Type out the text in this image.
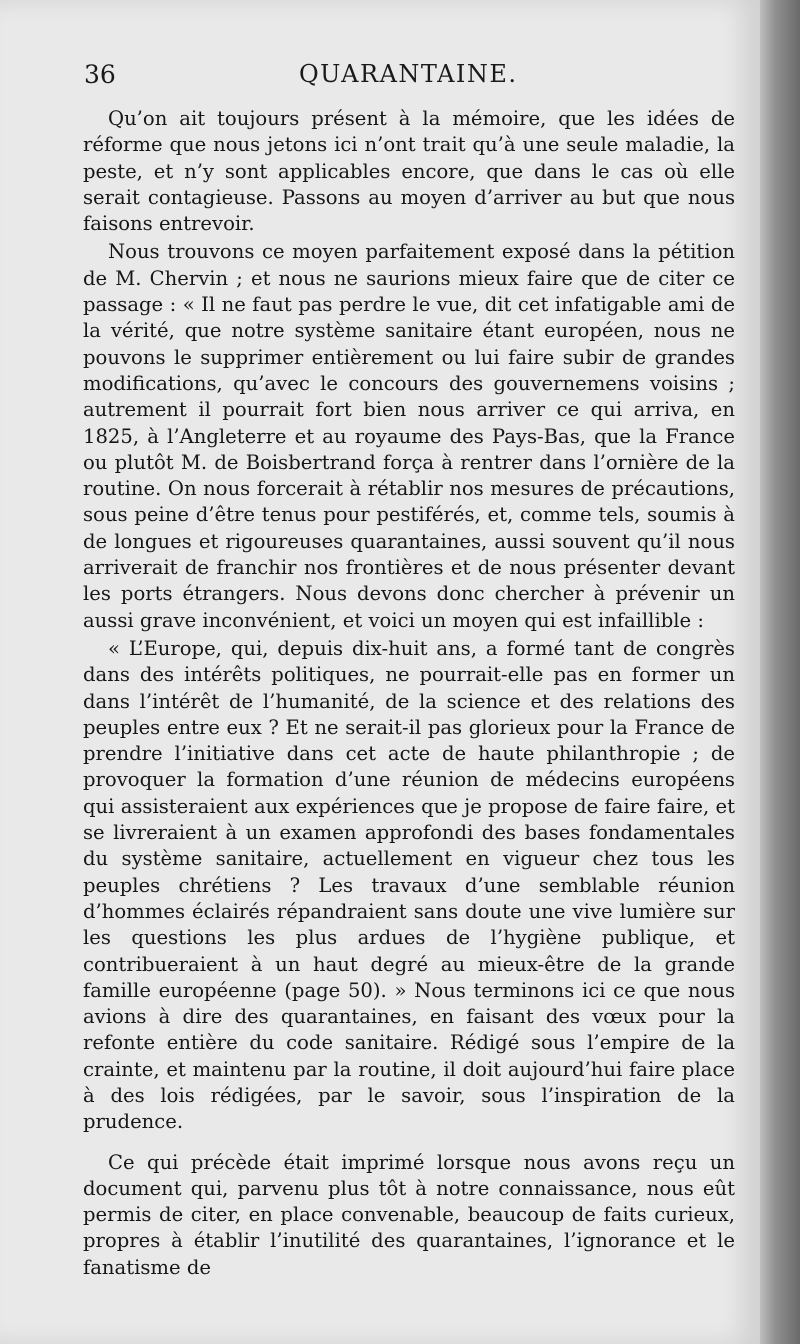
36	QUARANTAINE.

Qu’on ait toujours présent à la mémoire, que les idées de réforme que nous jetons ici n’ont trait qu’à une seule maladie, la peste, et n’y sont applicables encore, que dans le cas où elle serait contagieuse. Passons au moyen d’arriver au but que nous faisons entrevoir.

Nous trouvons ce moyen parfaitement exposé dans la pétition de M. Chervin ; et nous ne saurions mieux faire que de citer ce passage : « Il ne faut pas perdre le vue, dit cet infatigable ami de la vérité, que notre système sanitaire étant européen, nous ne pouvons le supprimer entièrement ou lui faire subir de grandes modifications, qu’avec le concours des gouvernemens voisins ; autrement il pourrait fort bien nous arriver ce qui arriva, en 1825, à l’Angleterre et au royaume des Pays-Bas, que la France ou plutôt M. de Boisbertrand força à rentrer dans l’ornière de la routine. On nous forcerait à rétablir nos mesures de précautions, sous peine d’être tenus pour pestiférés, et, comme tels, soumis à de longues et rigoureuses quarantaines, aussi souvent qu’il nous arriverait de franchir nos frontières et de nous présenter devant les ports étrangers. Nous devons donc chercher à prévenir un aussi grave inconvénient, et voici un moyen qui est infaillible :

« L’Europe, qui, depuis dix-huit ans, a formé tant de congrès dans des intérêts politiques, ne pourrait-elle pas en former un dans l’intérêt de l’humanité, de la science et des relations des peuples entre eux ? Et ne serait-il pas glorieux pour la France de prendre l’initiative dans cet acte de haute philanthropie ; de provoquer la formation d’une réunion de médecins européens qui assisteraient aux expériences que je propose de faire faire, et se livreraient à un examen approfondi des bases fondamentales du système sanitaire, actuellement en vigueur chez tous les peuples chrétiens ? Les travaux d’une semblable réunion d’hommes éclairés répandraient sans doute une vive lumière sur les questions les plus ardues de l’hygiène publique, et contribueraient à un haut degré au mieux-être de la grande famille européenne (page 50). » Nous terminons ici ce que nous avions à dire des quarantaines, en faisant des vœux pour la refonte entière du code sanitaire. Rédigé sous l’empire de la crainte, et maintenu par la routine, il doit aujourd’hui faire place à des lois rédigées, par le savoir, sous l’inspiration de la prudence.

Ce qui précède était imprimé lorsque nous avons reçu un document qui, parvenu plus tôt à notre connaissance, nous eût permis de citer, en place convenable, beaucoup de faits curieux, propres à établir l’inutilité des quarantaines, l’ignorance et le fanatisme de
